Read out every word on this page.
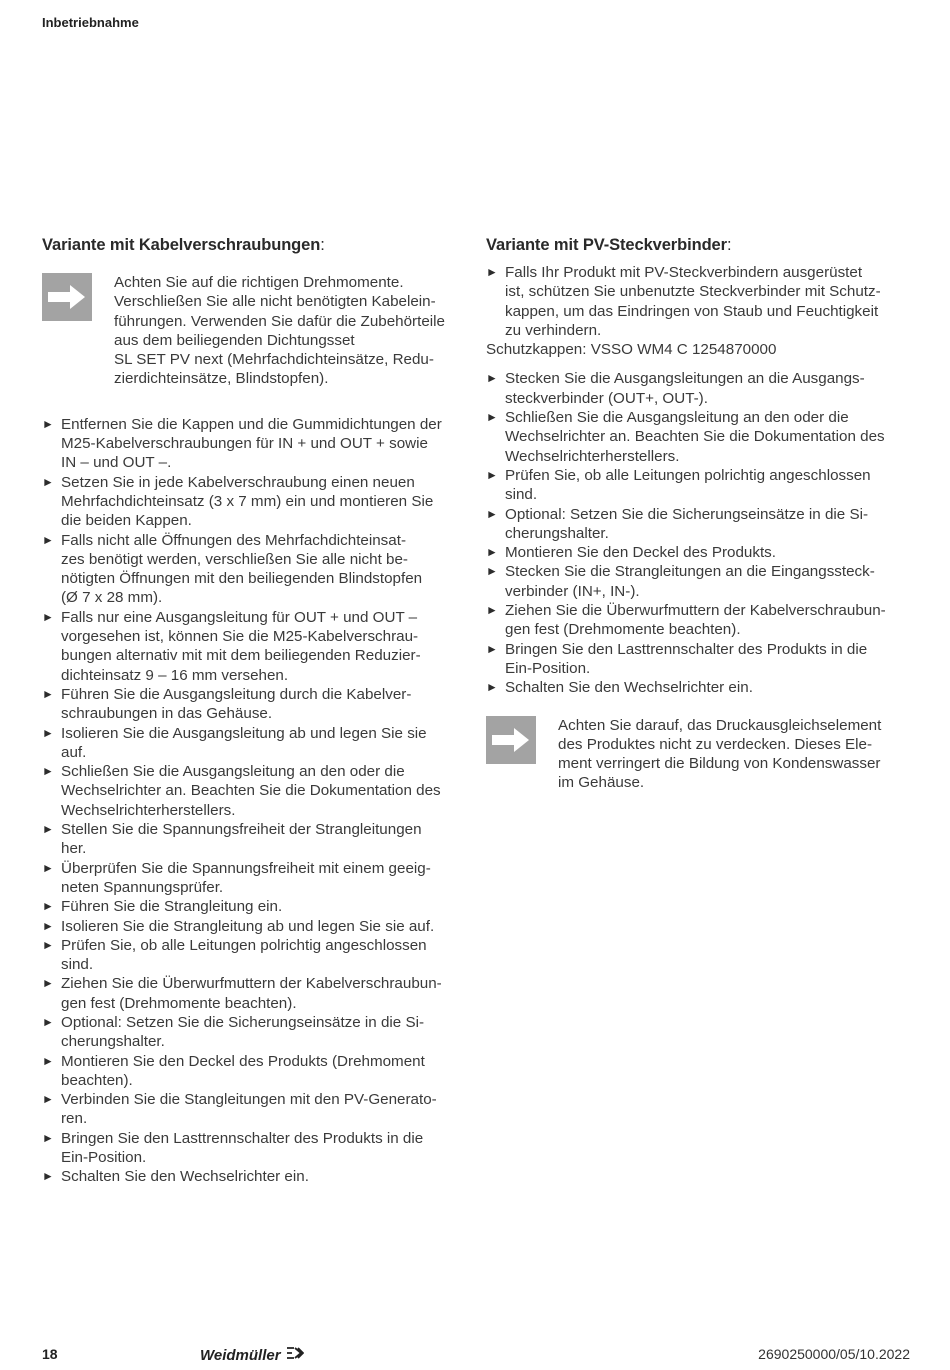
Inbetriebnahme
Variante mit Kabelverschraubungen:
Achten Sie auf die richtigen Drehmomente.
Verschließen Sie alle nicht benötigten Kabelein-
führungen. Verwenden Sie dafür die Zubehörteile
aus dem beiliegenden Dichtungsset
SL SET PV next (Mehrfachdichteinsätze, Redu-
zierdichteinsätze, Blindstopfen).
► Entfernen Sie die Kappen und die Gummidichtungen der
M25-Kabelverschraubungen für IN + und OUT + sowie
IN – und OUT –.
► Setzen Sie in jede Kabelverschraubung einen neuen
Mehrfachdichteinsatz (3 x 7 mm) ein und montieren Sie
die beiden Kappen.
► Falls nicht alle Öffnungen des Mehrfachdichteinsat-
zes benötigt werden, verschließen Sie alle nicht be-
nötigten Öffnungen mit den beiliegenden Blindstopfen
(Ø 7 x 28 mm).
► Falls nur eine Ausgangsleitung für OUT + und OUT –
vorgesehen ist, können Sie die M25-Kabelverschrau-
bungen alternativ mit mit dem beiliegenden Reduzier-
dichteinsatz 9 – 16 mm versehen.
► Führen Sie die Ausgangsleitung durch die Kabelver-
schraubungen in das Gehäuse.
► Isolieren Sie die Ausgangsleitung ab und legen Sie sie
auf.
► Schließen Sie die Ausgangsleitung an den oder die
Wechselrichter an. Beachten Sie die Dokumentation des
Wechselrichterherstellers.
► Stellen Sie die Spannungsfreiheit der Strangleitungen
her.
► Überprüfen Sie die Spannungsfreiheit mit einem geeig-
neten Spannungsprüfer.
► Führen Sie die Strangleitung ein.
► Isolieren Sie die Strangleitung ab und legen Sie sie auf.
► Prüfen Sie, ob alle Leitungen polrichtig angeschlossen
sind.
► Ziehen Sie die Überwurfmuttern der Kabelverschraubun-
gen fest (Drehmomente beachten).
► Optional: Setzen Sie die Sicherungseinsätze in die Si-
cherungshalter.
► Montieren Sie den Deckel des Produkts (Drehmoment
beachten).
► Verbinden Sie die Stangleitungen mit den PV-Generato-
ren.
► Bringen Sie den Lasttrennschalter des Produkts in die
Ein-Position.
► Schalten Sie den Wechselrichter ein.
Variante mit PV-Steckverbinder:
► Falls Ihr Produkt mit PV-Steckverbindern ausgerüstet
ist, schützen Sie unbenutzte Steckverbinder mit Schutz-
kappen, um das Eindringen von Staub und Feuchtigkeit
zu verhindern.
Schutzkappen: VSSO WM4 C 1254870000
► Stecken Sie die Ausgangsleitungen an die Ausgangs-
steckverbinder (OUT+, OUT-).
► Schließen Sie die Ausgangsleitung an den oder die
Wechselrichter an. Beachten Sie die Dokumentation des
Wechselrichterherstellers.
► Prüfen Sie, ob alle Leitungen polrichtig angeschlossen
sind.
► Optional: Setzen Sie die Sicherungseinsätze in die Si-
cherungshalter.
► Montieren Sie den Deckel des Produkts.
► Stecken Sie die Strangleitungen an die Eingangssteck-
verbinder (IN+, IN-).
► Ziehen Sie die Überwurfmuttern der Kabelverschraubun-
gen fest (Drehmomente beachten).
► Bringen Sie den Lasttrennschalter des Produkts in die
Ein-Position.
► Schalten Sie den Wechselrichter ein.
Achten Sie darauf, das Druckausgleichselement
des Produktes nicht zu verdecken. Dieses Ele-
ment verringert die Bildung von Kondenswasser
im Gehäuse.
18	Weidmüller	2690250000/05/10.2022
